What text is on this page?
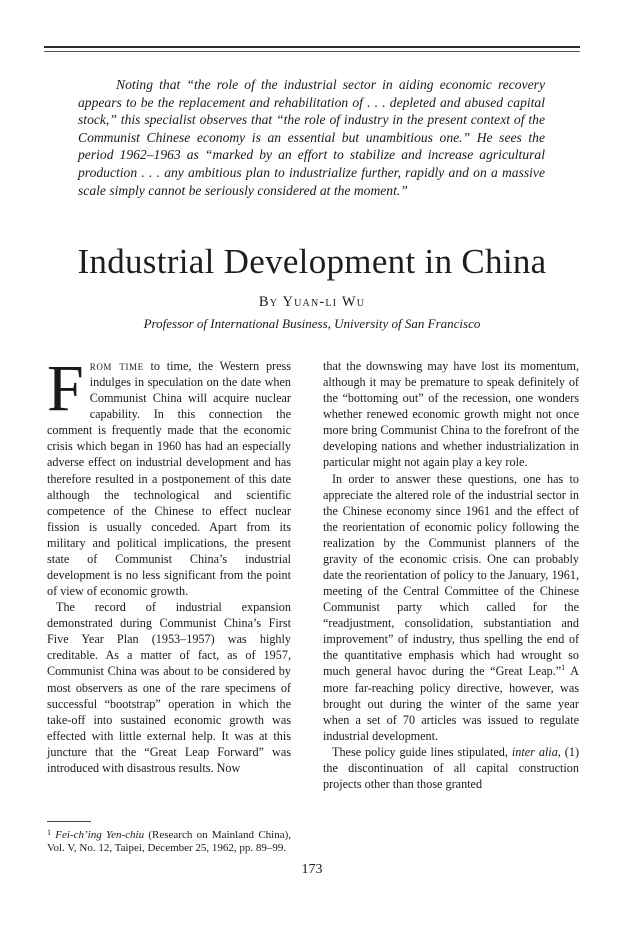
Noting that “the role of the industrial sector in aiding economic recovery appears to be the replacement and rehabilitation of . . . depleted and abused capital stock,” this specialist observes that “the role of industry in the present context of the Communist Chinese economy is an essential but unambitious one.” He sees the period 1962–1963 as “marked by an effort to stabilize and increase agricultural production . . . any ambitious plan to industrialize further, rapidly and on a massive scale simply cannot be seriously considered at the moment.”
Industrial Development in China
By Yuan-li Wu
Professor of International Business, University of San Francisco

From time to time, the Western press indulges in speculation on the date when Communist China will acquire nuclear capability. In this connection the comment is frequently made that the economic crisis which began in 1960 has had an especially adverse effect on industrial development and has therefore resulted in a postponement of this date although the technological and scientific competence of the Chinese to effect nuclear fission is usually conceded. Apart from its military and political implications, the present state of Communist China’s industrial development is no less significant from the point of view of economic growth.

The record of industrial expansion demonstrated during Communist China’s First Five Year Plan (1953–1957) was highly creditable. As a matter of fact, as of 1957, Communist China was about to be considered by most observers as one of the rare specimens of successful “bootstrap” operation in which the take-off into sustained economic growth was effected with little external help. It was at this juncture that the “Great Leap Forward” was introduced with disastrous results. Now

that the downswing may have lost its momentum, although it may be premature to speak definitely of the “bottoming out” of the recession, one wonders whether renewed economic growth might not once more bring Communist China to the forefront of the developing nations and whether industrialization in particular might not again play a key role.

In order to answer these questions, one has to appreciate the altered role of the industrial sector in the Chinese economy since 1961 and the effect of the reorientation of economic policy following the realization by the Communist planners of the gravity of the economic crisis. One can probably date the reorientation of policy to the January, 1961, meeting of the Central Committee of the Chinese Communist party which called for the “readjustment, consolidation, substantiation and improvement” of industry, thus spelling the end of the quantitative emphasis which had wrought so much general havoc during the “Great Leap.”$^1$ A more far-reaching policy directive, however, was brought out during the winter of the same year when a set of 70 articles was issued to regulate industrial development.

These policy guide lines stipulated, inter alia, (1) the discontinuation of all capital construction projects other than those granted

$^1$ Fei-ch’ing Yen-chiu (Research on Mainland China), Vol. V, No. 12, Taipei, December 25, 1962, pp. 89–99.
173
